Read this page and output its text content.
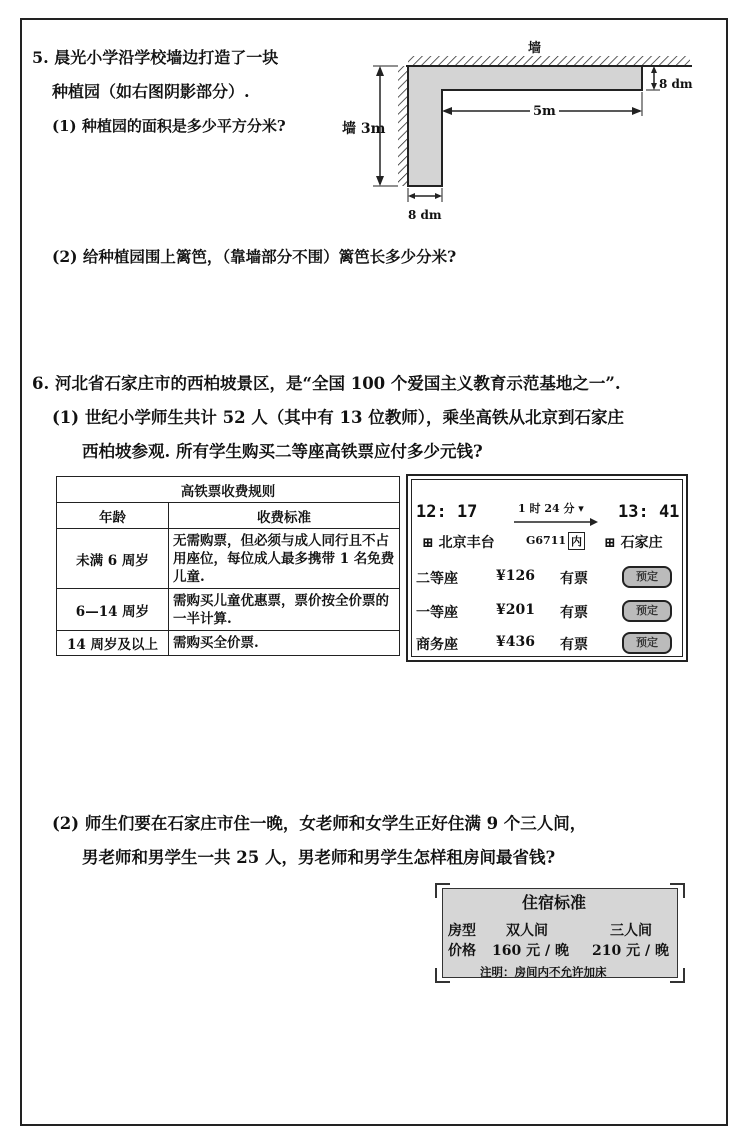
5. 晨光小学沿学校墙边打造了一块
种植园（如右图阴影部分）.
(1) 种植园的面积是多少平方分米?
墙
墙 3m
5m
8 dm
8 dm
(2) 给种植园围上篱笆，（靠墙部分不围）篱笆长多少分米?
6. 河北省石家庄市的西柏坡景区，是“全国 100 个爱国主义教育示范基地之一”.
(1) 世纪小学师生共计 52 人（其中有 13 位教师），乘坐高铁从北京到石家庄
西柏坡参观. 所有学生购买二等座高铁票应付多少元钱?
高铁票收费规则	
年龄	收费标准
未满 6 周岁	无需购票，但必须与成人同行且不占用座位，每位成人最多携带 1 名免费儿童.
6—14 周岁	需购买儿童优惠票，票价按全价票的一半计算.
14 周岁及以上	需购买全价票.
12: 17	1 时 24 分 ▾ 13: 41
⊞ 北京丰台	G6711 内 ⊞ 石家庄
二等座	¥126 有票	预定
一等座	¥201 有票	预定
商务座	¥436 有票	预定
(2) 师生们要在石家庄市住一晚，女老师和女学生正好住满 9 个三人间，
男老师和男学生一共 25 人，男老师和男学生怎样租房间最省钱?
住宿标准
房型 双人间	三人间
价格 160 元 / 晚 210 元 / 晚
注明：房间内不允许加床
